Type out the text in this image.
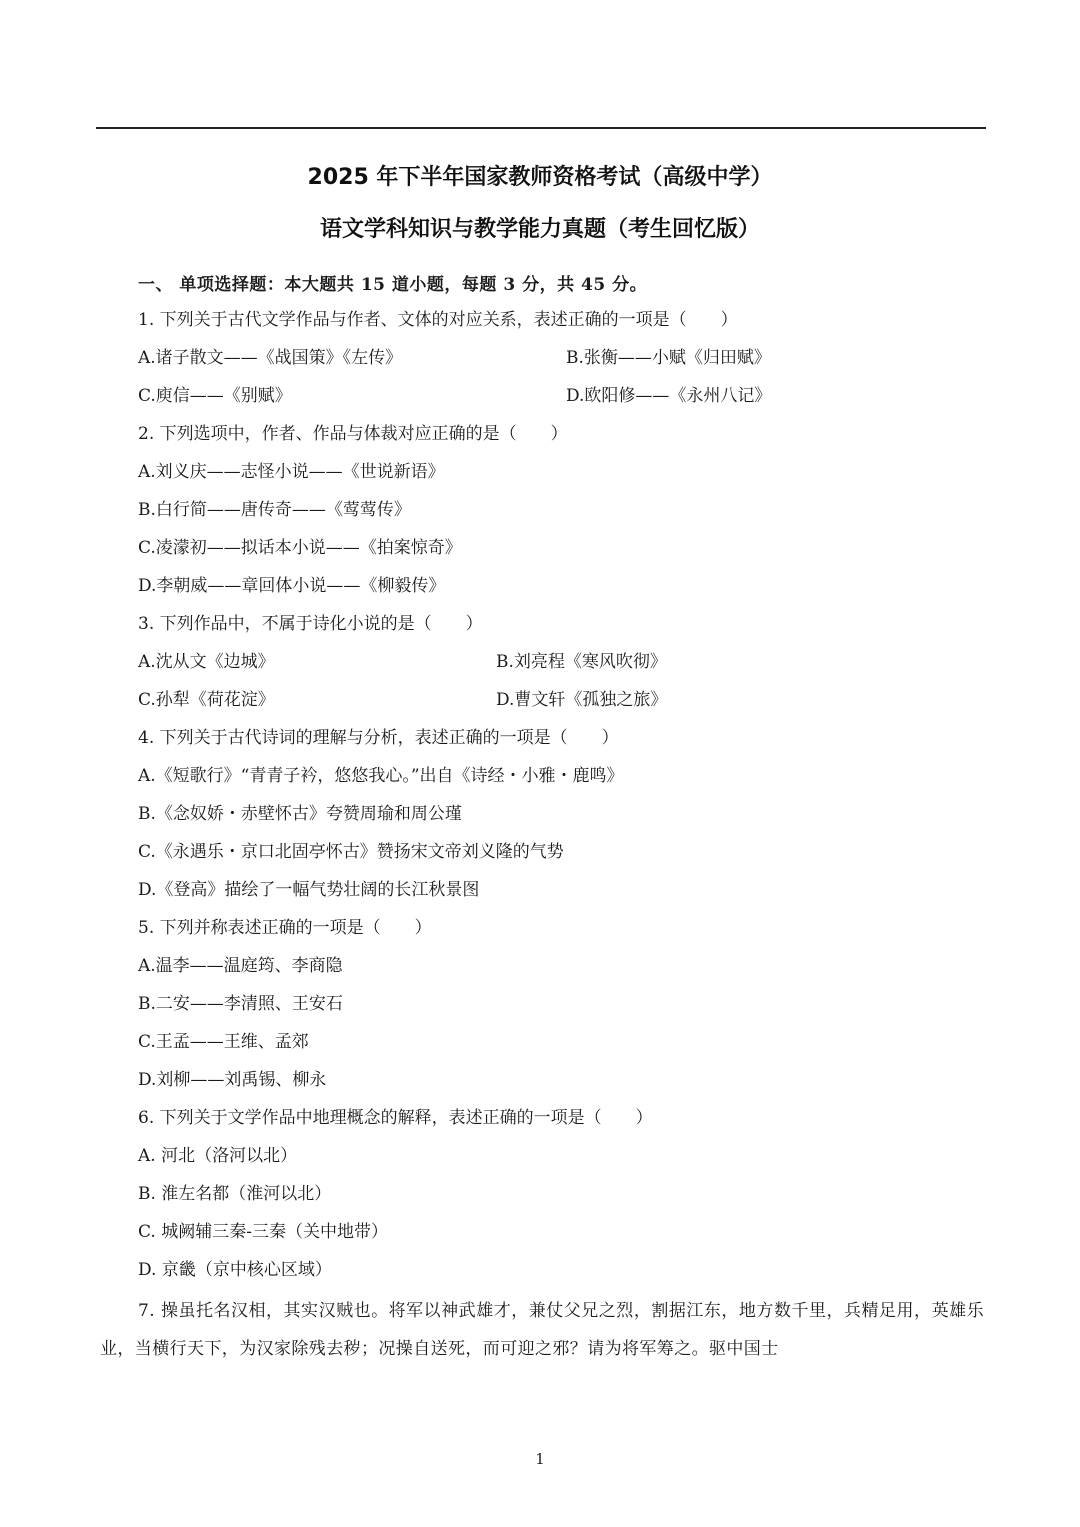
2025 年下半年国家教师资格考试（高级中学）
语文学科知识与教学能力真题（考生回忆版）
一、 单项选择题：本大题共 15 道小题，每题 3 分，共 45 分。
1. 下列关于古代文学作品与作者、文体的对应关系，表述正确的一项是（　　）
A.诸子散文——《战国策》《左传》	B.张衡——小赋《归田赋》
C.庾信——《别赋》	D.欧阳修——《永州八记》
2. 下列选项中，作者、作品与体裁对应正确的是（　　）
A.刘义庆——志怪小说——《世说新语》
B.白行简——唐传奇——《莺莺传》
C.凌濛初——拟话本小说——《拍案惊奇》
D.李朝威——章回体小说——《柳毅传》
3. 下列作品中，不属于诗化小说的是（　　）
A.沈从文《边城》	B.刘亮程《寒风吹彻》
C.孙犁《荷花淀》	D.曹文轩《孤独之旅》
4. 下列关于古代诗词的理解与分析，表述正确的一项是（　　）
A.《短歌行》“青青子衿，悠悠我心。”出自《诗经・小雅・鹿鸣》
B.《念奴娇・赤壁怀古》夸赞周瑜和周公瑾
C.《永遇乐・京口北固亭怀古》赞扬宋文帝刘义隆的气势
D.《登高》描绘了一幅气势壮阔的长江秋景图
5. 下列并称表述正确的一项是（　　）
A.温李——温庭筠、李商隐
B.二安——李清照、王安石
C.王孟——王维、孟郊
D.刘柳——刘禹锡、柳永
6. 下列关于文学作品中地理概念的解释，表述正确的一项是（　　）
A. 河北（洛河以北）
B. 淮左名都（淮河以北）
C. 城阙辅三秦-三秦（关中地带）
D. 京畿（京中核心区域）
7. 操虽托名汉相，其实汉贼也。将军以神武雄才，兼仗父兄之烈，割据江东，地方数千里，兵精足用，英雄乐业，当横行天下，为汉家除残去秽；况操自送死，而可迎之邪？请为将军筹之。驱中国士
1
